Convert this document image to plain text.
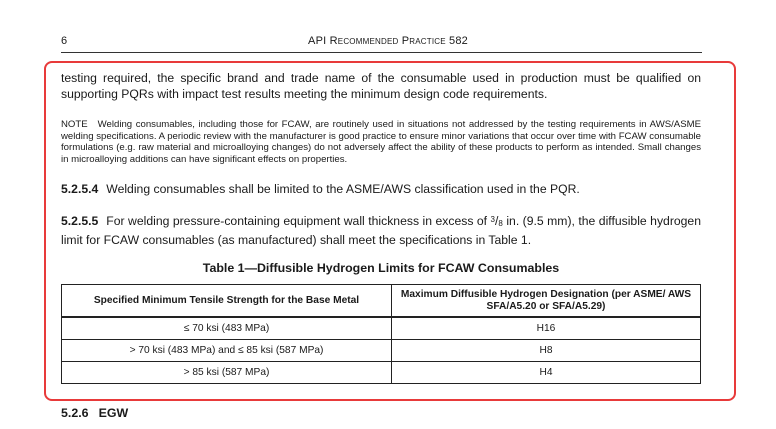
6	API Recommended Practice 582

testing required, the specific brand and trade name of the consumable used in production must be qualified on supporting PQRs with impact test results meeting the minimum design code requirements.

NOTE Welding consumables, including those for FCAW, are routinely used in situations not addressed by the testing requirements in AWS/ASME welding specifications. A periodic review with the manufacturer is good practice to ensure minor variations that occur over time with FCAW consumable formulations (e.g. raw material and microalloying changes) do not adversely affect the ability of these products to perform as intended. Small changes in microalloying additions can have significant effects on properties.

5.2.5.4 Welding consumables shall be limited to the ASME/AWS classification used in the PQR.

5.2.5.5 For welding pressure-containing equipment wall thickness in excess of $^3$/8 in. (9.5 mm), the diffusible hydrogen limit for FCAW consumables (as manufactured) shall meet the specifications in Table 1.

Table 1—Diffusible Hydrogen Limits for FCAW Consumables
Specified Minimum Tensile Strength for the Base Metal	Maximum Diffusible Hydrogen Designation (per ASME/ AWS SFA/A5.20 or SFA/A5.29)
≤ 70 ksi (483 MPa)	H16
> 70 ksi (483 MPa) and ≤ 85 ksi (587 MPa)	H8
> 85 ksi (587 MPa)	H4
5.2.6 EGW
